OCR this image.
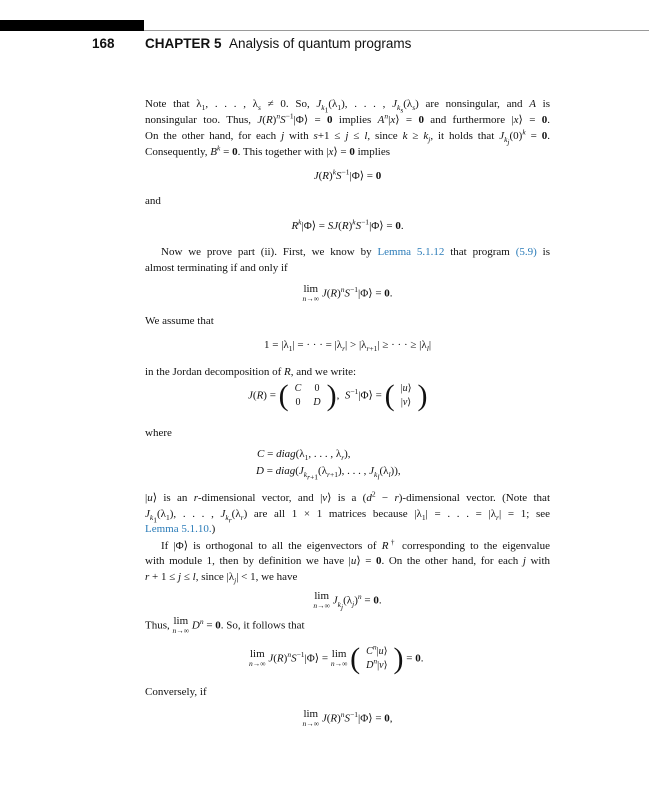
168 CHAPTER 5 Analysis of quantum programs
Note that $\lambda_1$, . . . , $\lambda_s \ne 0$. So, $J_{k_1}(\lambda_1)$, . . . , $J_{k_s}(\lambda_s)$ are nonsingular, and A is
nonsingular too. Thus, $J(R)^nS^{-1}|\Phi⟩ = 0$ implies $A^n|x⟩ = 0$ and furthermore |x⟩ = 0.
On the other hand, for each j with s+1 ≤ j ≤ l, since $k \ge k_j$, it holds that $J_{k_j}(0)^k = 0$.
Consequently, $B^k = 0$. This together with |x⟩ = 0 implies
$J(R)^kS^{-1}|\Phi⟩ = 0$
and
$R^k|\Phi⟩$ = $SJ(R)^kS^{-1}|\Phi⟩ = 0$.
Now we prove part (ii). First, we know by Lemma 5.1.12 that program (5.9) is
almost terminating if and only if
lim
n→∞ $J(R)^nS^{-1}|\Phi⟩ = 0$.
We assume that
$1 = |\lambda_1|$ = · · · = $|\lambda_r| > |\lambda_{r+1}|$ ≥ · · · ≥ $|\lambda_l|$
in the Jordan decomposition of R, and we write:
J(R) = ( C	0
0	D ),  $S^{-1}|\Phi⟩$ = ( |u⟩
|v⟩ )
where
$C = diag(\lambda_1$, . . . , $\lambda_r$),
$D = diag(J_{k_{r+1}}(\lambda_{r+1})$, . . . , $J_{k_l}(\lambda_l)$),
|u⟩ is an r-dimensional vector, and |v⟩ is a ($d^2$ − r)-dimensional vector. (Note that
$J_{k_1}(\lambda_1)$, . . . , $J_{k_r}(\lambda_r)$ are all 1 × 1 matrices because $|\lambda_1|$ = . . . = $|\lambda_r| = 1$; see
Lemma 5.1.10.)
If |Φ⟩ is orthogonal to all the eigenvectors of R† corresponding to the eigenvalue
with module 1, then by definition we have |u⟩ = 0. On the other hand, for each j with
r + 1 ≤ j ≤ l, since $|\lambda_j| < 1$, we have
lim
n→∞ $J_{k_j}(\lambda_j)^n = 0$.
Thus, lim
n→∞ $D^n = 0$. So, it follows that
lim
n→∞ $J(R)^nS^{-1}|\Phi⟩ = \lim$
n→∞ ( $C^n|u⟩$
$D^n|v⟩$ ) = 0.
Conversely, if
lim
n→∞ $J(R)^nS^{-1}|\Phi⟩ = 0$,
